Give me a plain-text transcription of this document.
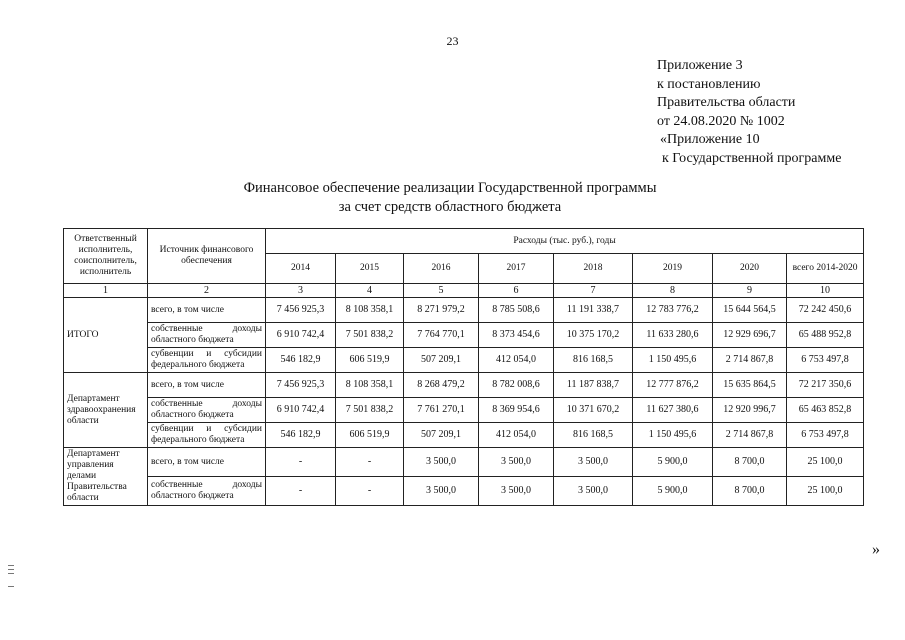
23
Приложение 3
к постановлению
Правительства области
от 24.08.2020 № 1002
«Приложение 10
к Государственной программе
Финансовое обеспечение реализации Государственной программы
за счет средств областного бюджета
Ответственный исполнитель, соисполнитель, исполнитель	Источник финансового обеспечения	Расходы (тыс. руб.), годы							
		2014	2015	2016	2017	2018	2019	2020	всего 2014-2020
1	2	3	4	5	6	7	8	9	10
ИТОГО	всего, в том числе	7 456 925,3	8 108 358,1	8 271 979,2	8 785 508,6	11 191 338,7	12 783 776,2	15 644 564,5	72 242 450,6
	собственные доходы областного бюджета	6 910 742,4	7 501 838,2	7 764 770,1	8 373 454,6	10 375 170,2	11 633 280,6	12 929 696,7	65 488 952,8
	субвенции и субсидии федерального бюджета	546 182,9	606 519,9	507 209,1	412 054,0	816 168,5	1 150 495,6	2 714 867,8	6 753 497,8
Департамент здравоохранения области	всего, в том числе	7 456 925,3	8 108 358,1	8 268 479,2	8 782 008,6	11 187 838,7	12 777 876,2	15 635 864,5	72 217 350,6
	собственные доходы областного бюджета	6 910 742,4	7 501 838,2	7 761 270,1	8 369 954,6	10 371 670,2	11 627 380,6	12 920 996,7	65 463 852,8
	субвенции и субсидии федерального бюджета	546 182,9	606 519,9	507 209,1	412 054,0	816 168,5	1 150 495,6	2 714 867,8	6 753 497,8
Департамент управления делами Правительства области	всего, в том числе	-	-	3 500,0	3 500,0	3 500,0	5 900,0	8 700,0	25 100,0
	собственные доходы областного бюджета	-	-	3 500,0	3 500,0	3 500,0	5 900,0	8 700,0	25 100,0
»
